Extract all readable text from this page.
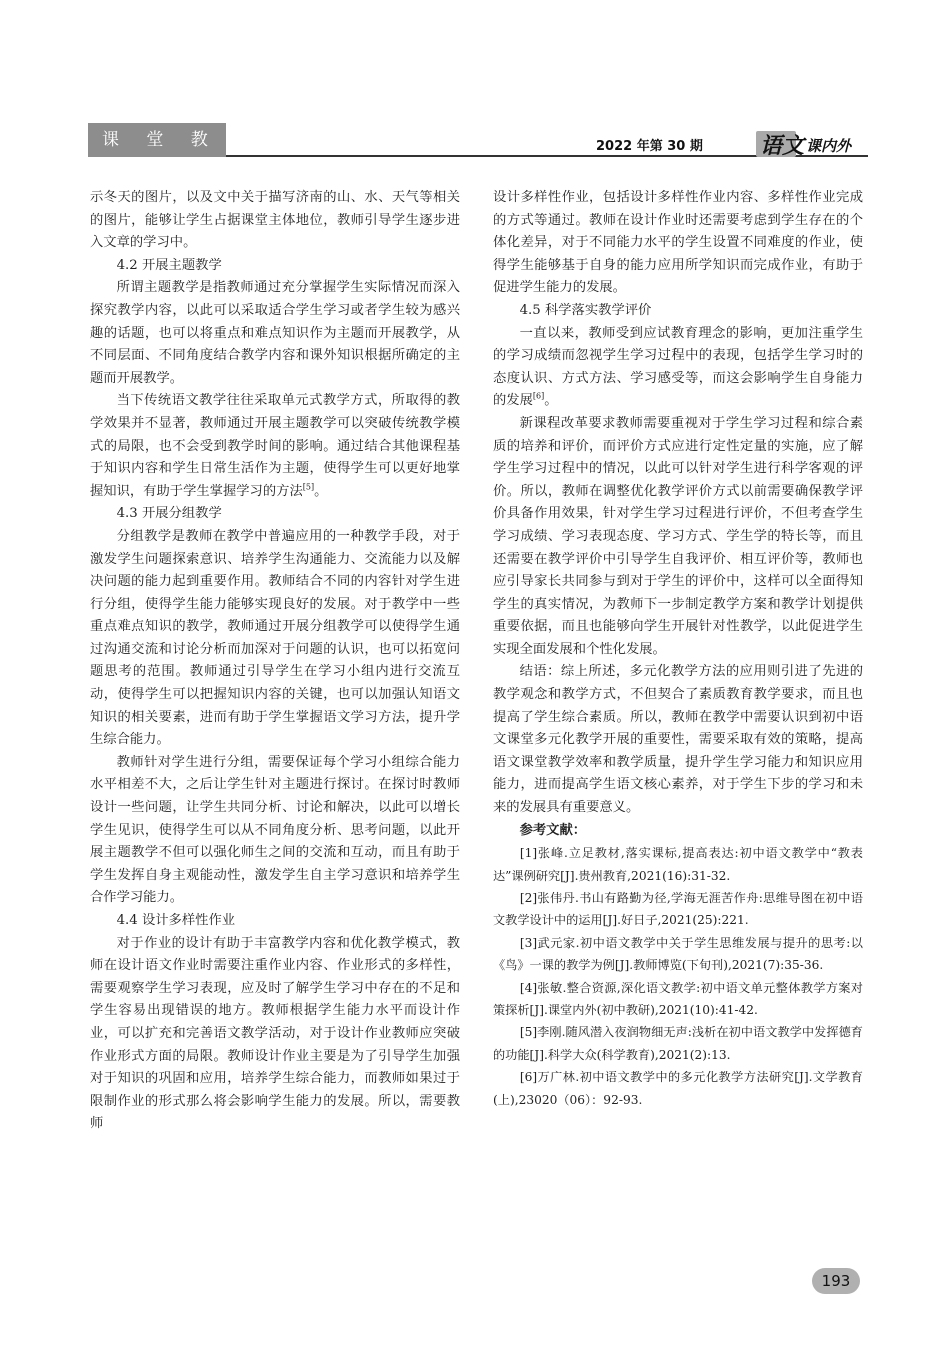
课 堂 教 学
2022 年第 30 期	语文 课内外

示冬天的图片，以及文中关于描写济南的山、水、天气等相关的图片，能够让学生占据课堂主体地位，教师引导学生逐步进入文章的学习中。

4.2 开展主题教学

所谓主题教学是指教师通过充分掌握学生实际情况而深入探究教学内容，以此可以采取适合学生学习或者学生较为感兴趣的话题，也可以将重点和难点知识作为主题而开展教学，从不同层面、不同角度结合教学内容和课外知识根据所确定的主题而开展教学。

当下传统语文教学往往采取单元式教学方式，所取得的教学效果并不显著，教师通过开展主题教学可以突破传统教学模式的局限，也不会受到教学时间的影响。通过结合其他课程基于知识内容和学生日常生活作为主题，使得学生可以更好地掌握知识，有助于学生掌握学习的方法[5]。

4.3 开展分组教学

分组教学是教师在教学中普遍应用的一种教学手段，对于激发学生问题探索意识、培养学生沟通能力、交流能力以及解决问题的能力起到重要作用。教师结合不同的内容针对学生进行分组，使得学生能力能够实现良好的发展。对于教学中一些重点难点知识的教学，教师通过开展分组教学可以使得学生通过沟通交流和讨论分析而加深对于问题的认识，也可以拓宽问题思考的范围。教师通过引导学生在学习小组内进行交流互动，使得学生可以把握知识内容的关键，也可以加强认知语文知识的相关要素，进而有助于学生掌握语文学习方法，提升学生综合能力。

教师针对学生进行分组，需要保证每个学习小组综合能力水平相差不大，之后让学生针对主题进行探讨。在探讨时教师设计一些问题，让学生共同分析、讨论和解决，以此可以增长学生见识，使得学生可以从不同角度分析、思考问题，以此开展主题教学不但可以强化师生之间的交流和互动，而且有助于学生发挥自身主观能动性，激发学生自主学习意识和培养学生合作学习能力。

4.4 设计多样性作业

对于作业的设计有助于丰富教学内容和优化教学模式，教师在设计语文作业时需要注重作业内容、作业形式的多样性，需要观察学生学习表现，应及时了解学生学习中存在的不足和学生容易出现错误的地方。教师根据学生能力水平而设计作业，可以扩充和完善语文教学活动，对于设计作业教师应突破作业形式方面的局限。教师设计作业主要是为了引导学生加强对于知识的巩固和应用，培养学生综合能力，而教师如果过于限制作业的形式那么将会影响学生能力的发展。所以，需要教师

设计多样性作业，包括设计多样性作业内容、多样性作业完成的方式等通过。教师在设计作业时还需要考虑到学生存在的个体化差异，对于不同能力水平的学生设置不同难度的作业，使得学生能够基于自身的能力应用所学知识而完成作业，有助于促进学生能力的发展。

4.5 科学落实教学评价

一直以来，教师受到应试教育理念的影响，更加注重学生的学习成绩而忽视学生学习过程中的表现，包括学生学习时的态度认识、方式方法、学习感受等，而这会影响学生自身能力的发展[6]。

新课程改革要求教师需要重视对于学生学习过程和综合素质的培养和评价，而评价方式应进行定性定量的实施，应了解学生学习过程中的情况，以此可以针对学生进行科学客观的评价。所以，教师在调整优化教学评价方式以前需要确保教学评价具备作用效果，针对学生学习过程进行评价，不但考查学生学习成绩、学习表现态度、学习方式、学生学的特长等，而且还需要在教学评价中引导学生自我评价、相互评价等，教师也应引导家长共同参与到对于学生的评价中，这样可以全面得知学生的真实情况，为教师下一步制定教学方案和教学计划提供重要依据，而且也能够向学生开展针对性教学，以此促进学生实现全面发展和个性化发展。

结语：综上所述，多元化教学方法的应用则引进了先进的教学观念和教学方式，不但契合了素质教育教学要求，而且也提高了学生综合素质。所以，教师在教学中需要认识到初中语文课堂多元化教学开展的重要性，需要采取有效的策略，提高语文课堂教学效率和教学质量，提升学生学习能力和知识应用能力，进而提高学生语文核心素养，对于学生下步的学习和未来的发展具有重要意义。

参考文献：

[1]张峰.立足教材,落实课标,提高表达:初中语文教学中“教表达”课例研究[J].贵州教育,2021(16):31-32.

[2]张伟丹.书山有路勤为径,学海无涯苦作舟:思维导图在初中语文教学设计中的运用[J].好日子,2021(25):221.

[3]武元家.初中语文教学中关于学生思维发展与提升的思考:以《鸟》一课的教学为例[J].教师博览(下旬刊),2021(7):35-36.

[4]张敏.整合资源,深化语文教学:初中语文单元整体教学方案对策探析[J].课堂内外(初中教研),2021(10):41-42.

[5]李刚.随风潜入夜润物细无声:浅析在初中语文教学中发挥德育的功能[J].科学大众(科学教育),2021(2):13.

[6]万广林.初中语文教学中的多元化教学方法研究[J].文学教育(上),23020（06）：92-93.

193
